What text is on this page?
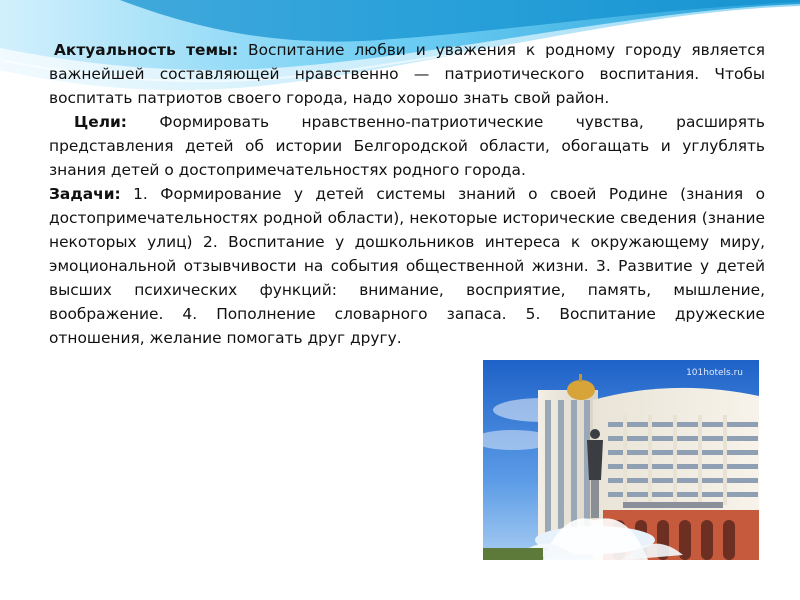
Актуальность темы: Воспитание любви и уважения к родному городу является важнейшей составляющей нравственно — патриотического воспитания. Чтобы воспитать патриотов своего города, надо хорошо знать свой район.

Цели: Формировать нравственно-патриотические чувства, расширять представления детей об истории Белгородской области, обогащать и углублять знания детей о достопримечательностях родного города.

Задачи: 1. Формирование у детей системы знаний о своей Родине (знания о достопримечательностях родной области), некоторые исторические сведения (знание некоторых улиц) 2. Воспитание у дошкольников интереса к окружающему миру, эмоциональной отзывчивости на события общественной жизни. 3. Развитие у детей высших психических функций: внимание, восприятие, память, мышление, воображение. 4. Пополнение словарного запаса. 5. Воспитание дружеские отношения, желание помогать друг другу.

101hotels.ru
